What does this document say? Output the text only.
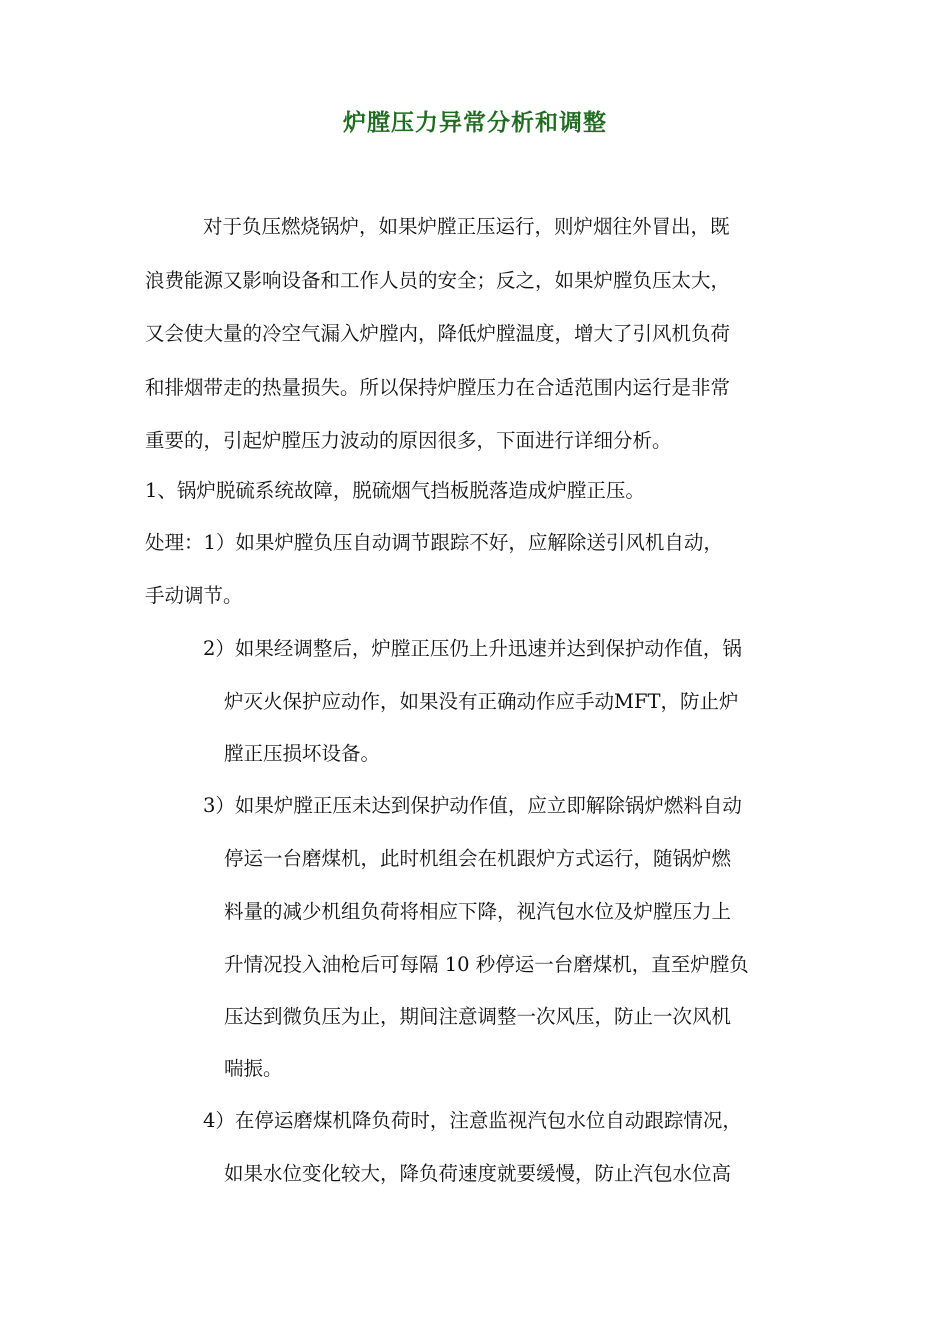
炉膛压力异常分析和调整
对于负压燃烧锅炉，如果炉膛正压运行，则炉烟往外冒出，既
浪费能源又影响设备和工作人员的安全；反之，如果炉膛负压太大，
又会使大量的冷空气漏入炉膛内，降低炉膛温度，增大了引风机负荷
和排烟带走的热量损失。所以保持炉膛压力在合适范围内运行是非常
重要的，引起炉膛压力波动的原因很多，下面进行详细分析。
1、锅炉脱硫系统故障，脱硫烟气挡板脱落造成炉膛正压。
处理：1）如果炉膛负压自动调节跟踪不好，应解除送引风机自动，
手动调节。
2）如果经调整后，炉膛正压仍上升迅速并达到保护动作值，锅
炉灭火保护应动作，如果没有正确动作应手动MFT，防止炉
膛正压损坏设备。
3）如果炉膛正压未达到保护动作值，应立即解除锅炉燃料自动
停运一台磨煤机，此时机组会在机跟炉方式运行，随锅炉燃
料量的减少机组负荷将相应下降，视汽包水位及炉膛压力上
升情况投入油枪后可每隔 10 秒停运一台磨煤机，直至炉膛负
压达到微负压为止，期间注意调整一次风压，防止一次风机
喘振。
4）在停运磨煤机降负荷时，注意监视汽包水位自动跟踪情况，
如果水位变化较大，降负荷速度就要缓慢，防止汽包水位高
